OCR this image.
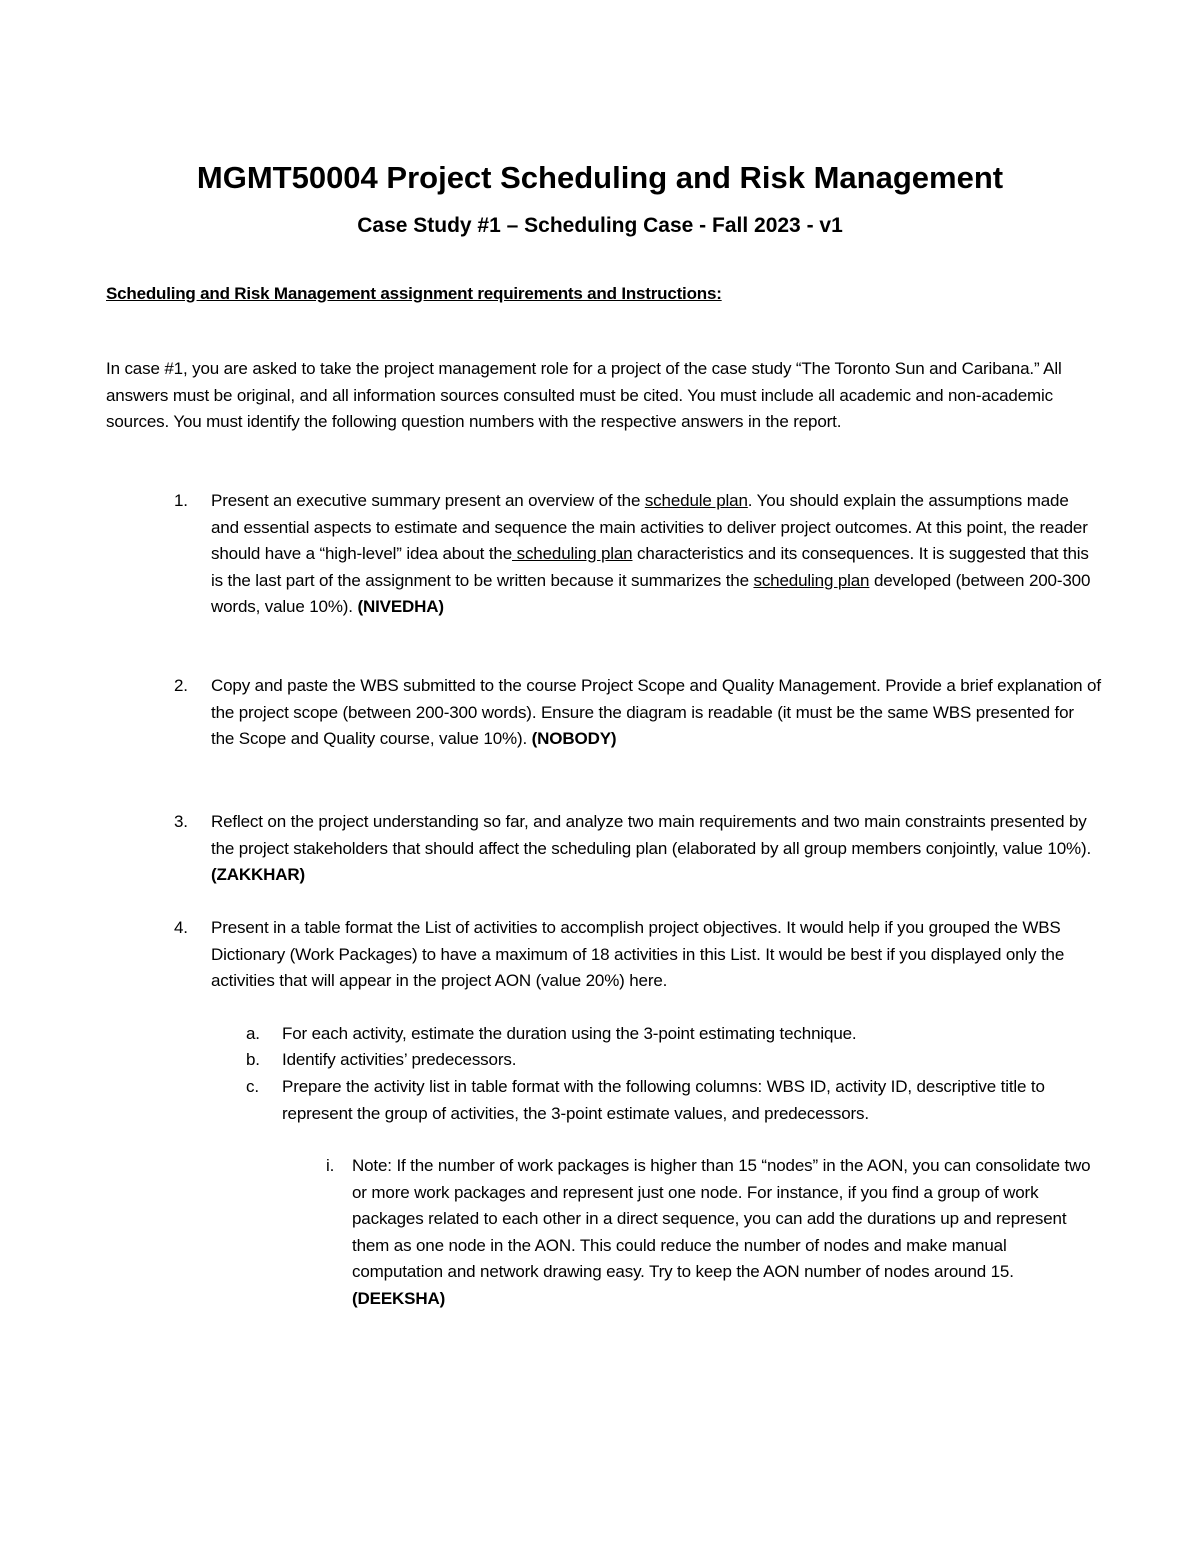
MGMT50004 Project Scheduling and Risk Management
Case Study #1 – Scheduling Case - Fall 2023 - v1
Scheduling and Risk Management assignment requirements and Instructions:

In case #1, you are asked to take the project management role for a project of the case study “The Toronto Sun and Caribana.” All answers must be original, and all information sources consulted must be cited. You must include all academic and non-academic sources. You must identify the following question numbers with the respective answers in the report.

1. Present an executive summary present an overview of the schedule plan. You should explain the assumptions made and essential aspects to estimate and sequence the main activities to deliver project outcomes. At this point, the reader should have a “high-level” idea about the scheduling plan characteristics and its consequences. It is suggested that this is the last part of the assignment to be written because it summarizes the scheduling plan developed (between 200-300 words, value 10%). (NIVEDHA)

2. Copy and paste the WBS submitted to the course Project Scope and Quality Management. Provide a brief explanation of the project scope (between 200-300 words). Ensure the diagram is readable (it must be the same WBS presented for the Scope and Quality course, value 10%). (NOBODY)

3. Reflect on the project understanding so far, and analyze two main requirements and two main constraints presented by the project stakeholders that should affect the scheduling plan (elaborated by all group members conjointly, value 10%). (ZAKKHAR)

4. Present in a table format the List of activities to accomplish project objectives. It would help if you grouped the WBS Dictionary (Work Packages) to have a maximum of 18 activities in this List. It would be best if you displayed only the activities that will appear in the project AON (value 20%) here.

a. For each activity, estimate the duration using the 3-point estimating technique.

b. Identify activities’ predecessors.

c. Prepare the activity list in table format with the following columns: WBS ID, activity ID, descriptive title to represent the group of activities, the 3-point estimate values, and predecessors.

i. Note: If the number of work packages is higher than 15 “nodes” in the AON, you can consolidate two or more work packages and represent just one node. For instance, if you find a group of work packages related to each other in a direct sequence, you can add the durations up and represent them as one node in the AON. This could reduce the number of nodes and make manual computation and network drawing easy. Try to keep the AON number of nodes around 15.
(DEEKSHA)
